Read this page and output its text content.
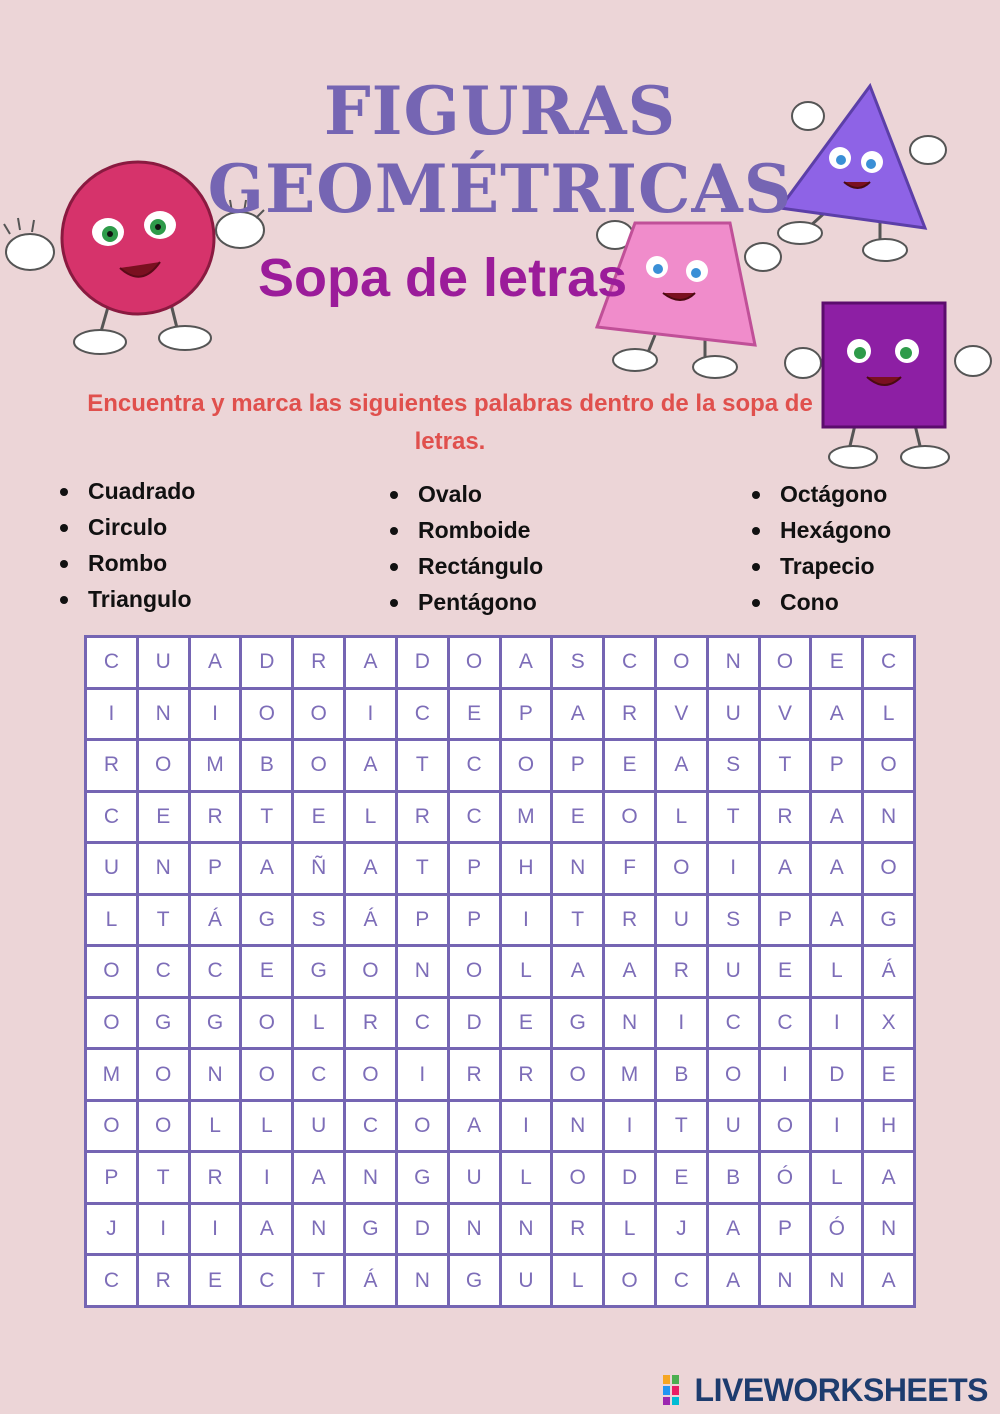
FIGURAS
GEOMÉTRICAS
Sopa de letras
Encuentra y marca las siguientes palabras dentro de la sopa de letras.
Cuadrado
Circulo
Rombo
Triangulo
Ovalo
Romboide
Rectángulo
Pentágono
Octágono
Hexágono
Trapecio
Cono
C	U	A	D	R	A	D	O	A	S	C	O	N	O	E	C
I	N	I	O	O	I	C	E	P	A	R	V	U	V	A	L
R	O	M	B	O	A	T	C	O	P	E	A	S	T	P	O
C	E	R	T	E	L	R	C	M	E	O	L	T	R	A	N
U	N	P	A	Ñ	A	T	P	H	N	F	O	I	A	A	O
L	T	Á	G	S	Á	P	P	I	T	R	U	S	P	A	G
O	C	C	E	G	O	N	O	L	A	A	R	U	E	L	Á
O	G	G	O	L	R	C	D	E	G	N	I	C	C	I	X
M	O	N	O	C	O	I	R	R	O	M	B	O	I	D	E
O	O	L	L	U	C	O	A	I	N	I	T	U	O	I	H
P	T	R	I	A	N	G	U	L	O	D	E	B	Ó	L	A
J	I	I	A	N	G	D	N	N	R	L	J	A	P	Ó	N
C	R	E	C	T	Á	N	G	U	L	O	C	A	N	N	A
LIVEWORKSHEETS
